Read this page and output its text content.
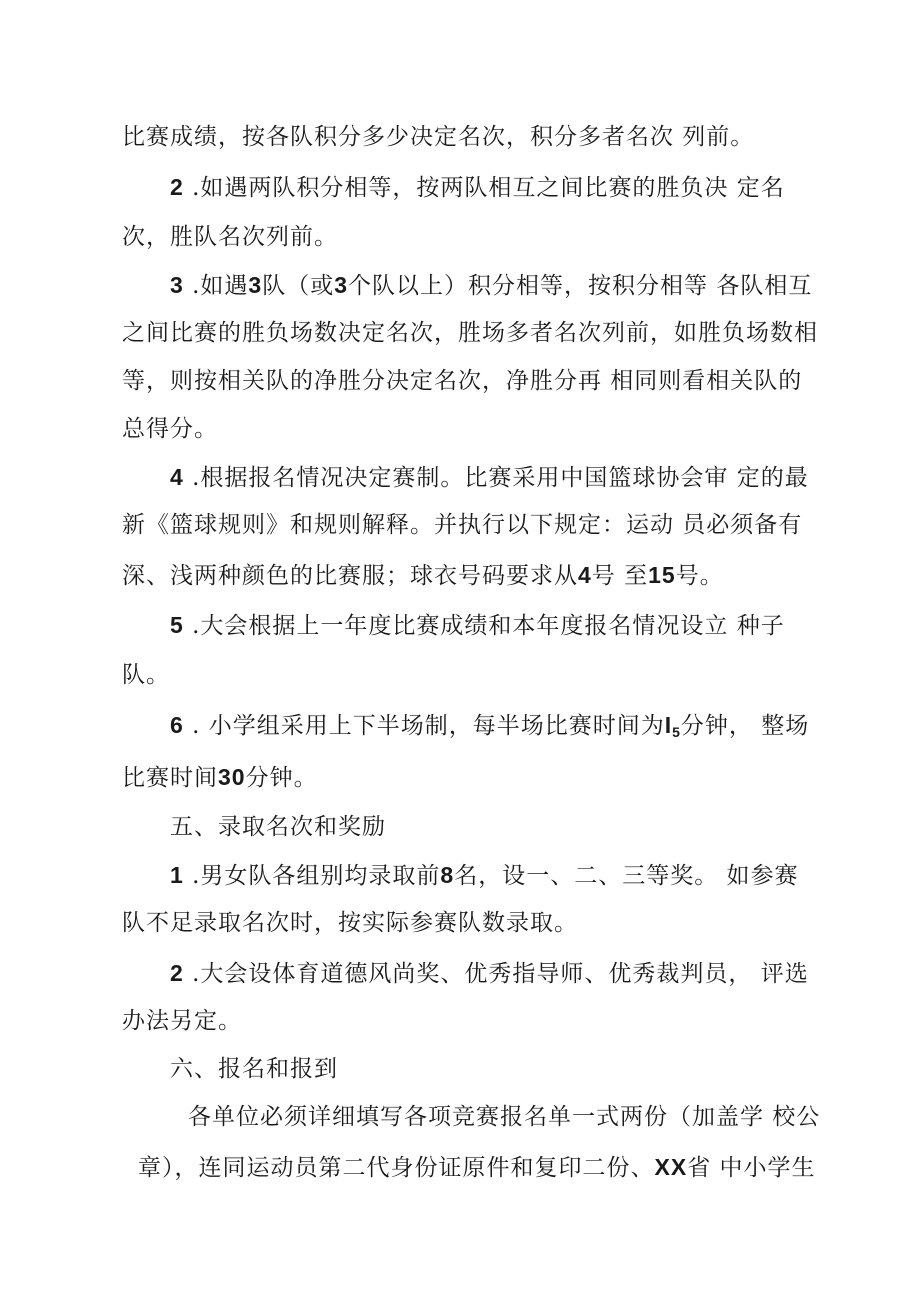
比赛成绩，按各队积分多少决定名次，积分多者名次 列前。
2 .如遇两队积分相等，按两队相互之间比赛的胜负决 定名
次，胜队名次列前。
3 .如遇3队（或3个队以上）积分相等，按积分相等 各队相互
之间比赛的胜负场数决定名次，胜场多者名次列前，如胜负场数相
等，则按相关队的净胜分决定名次，净胜分再 相同则看相关队的
总得分。
4 .根据报名情况决定赛制。比赛采用中国篮球协会审 定的最
新《篮球规则》和规则解释。并执行以下规定：运动 员必须备有
深、浅两种颜色的比赛服；球衣号码要求从4号 至15号。
5 .大会根据上一年度比赛成绩和本年度报名情况设立 种子
队。
6 . 小学组采用上下半场制，每半场比赛时间为$I_5$分钟， 整场
比赛时间30分钟。
五、录取名次和奖励
1 .男女队各组别均录取前8名，设一、二、三等奖。 如参赛
队不足录取名次时，按实际参赛队数录取。
2 .大会设体育道德风尚奖、优秀指导师、优秀裁判员， 评选
办法另定。
六、报名和报到
各单位必须详细填写各项竞赛报名单一式两份（加盖学 校公
章），连同运动员第二代身份证原件和复印二份、XX省 中小学生
